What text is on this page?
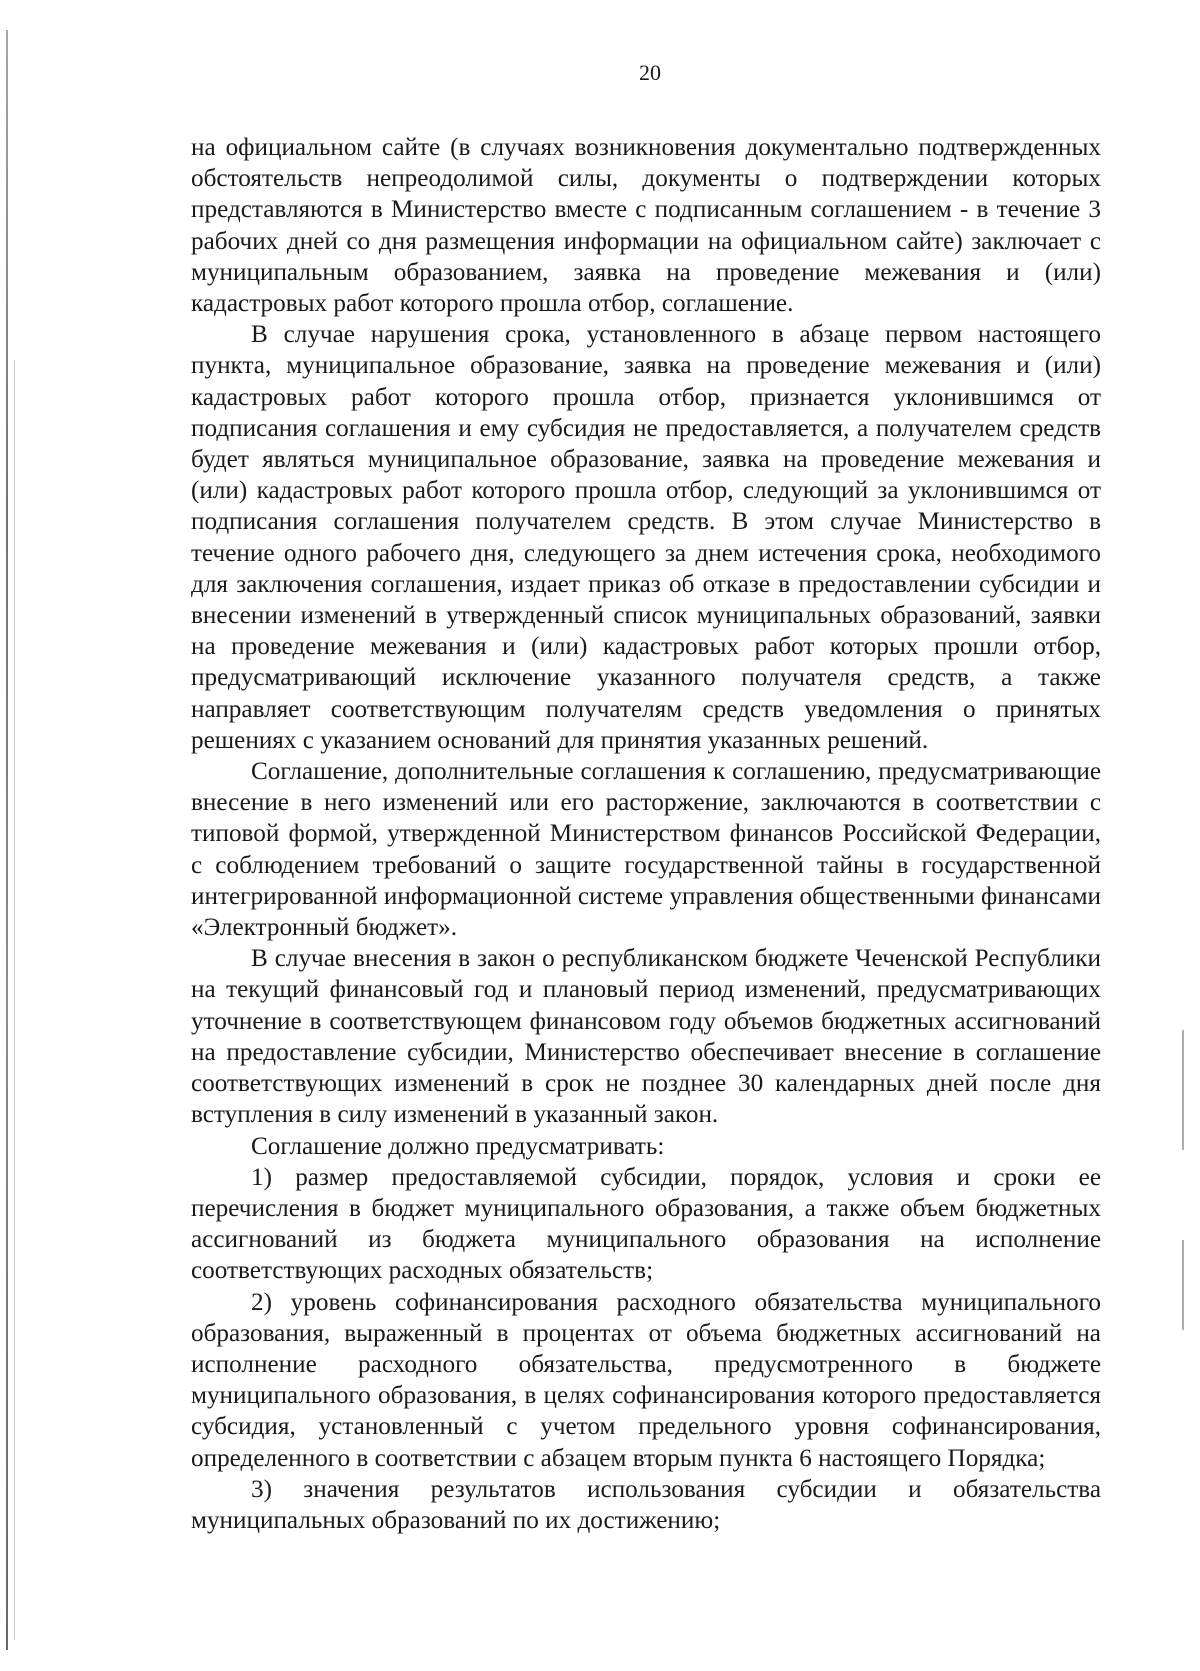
20

на официальном сайте (в случаях возникновения документально подтвержденных обстоятельств непреодолимой силы, документы о подтверждении которых представляются в Министерство вместе с подписанным соглашением - в течение 3 рабочих дней со дня размещения информации на официальном сайте) заключает с муниципальным образованием, заявка на проведение межевания и (или) кадастровых работ которого прошла отбор, соглашение.

В случае нарушения срока, установленного в абзаце первом настоящего пункта, муниципальное образование, заявка на проведение межевания и (или) кадастровых работ которого прошла отбор, признается уклонившимся от подписания соглашения и ему субсидия не предоставляется, а получателем средств будет являться муниципальное образование, заявка на проведение межевания и (или) кадастровых работ которого прошла отбор, следующий за уклонившимся от подписания соглашения получателем средств. В этом случае Министерство в течение одного рабочего дня, следующего за днем истечения срока, необходимого для заключения соглашения, издает приказ об отказе в предоставлении субсидии и внесении изменений в утвержденный список муниципальных образований, заявки на проведение межевания и (или) кадастровых работ которых прошли отбор, предусматривающий исключение указанного получателя средств, а также направляет соответствующим получателям средств уведомления о принятых решениях с указанием оснований для принятия указанных решений.

Соглашение, дополнительные соглашения к соглашению, предусматривающие внесение в него изменений или его расторжение, заключаются в соответствии с типовой формой, утвержденной Министерством финансов Российской Федерации, с соблюдением требований о защите государственной тайны в государственной интегрированной информационной системе управления общественными финансами «Электронный бюджет».

В случае внесения в закон о республиканском бюджете Чеченской Республики на текущий финансовый год и плановый период изменений, предусматривающих уточнение в соответствующем финансовом году объемов бюджетных ассигнований на предоставление субсидии, Министерство обеспечивает внесение в соглашение соответствующих изменений в срок не позднее 30 календарных дней после дня вступления в силу изменений в указанный закон.

Соглашение должно предусматривать:

1) размер предоставляемой субсидии, порядок, условия и сроки ее перечисления в бюджет муниципального образования, а также объем бюджетных ассигнований из бюджета муниципального образования на исполнение соответствующих расходных обязательств;

2) уровень софинансирования расходного обязательства муниципального образования, выраженный в процентах от объема бюджетных ассигнований на исполнение расходного обязательства, предусмотренного в бюджете муниципального образования, в целях софинансирования которого предоставляется субсидия, установленный с учетом предельного уровня софинансирования, определенного в соответствии с абзацем вторым пункта 6 настоящего Порядка;

3) значения результатов использования субсидии и обязательства муниципальных образований по их достижению;
